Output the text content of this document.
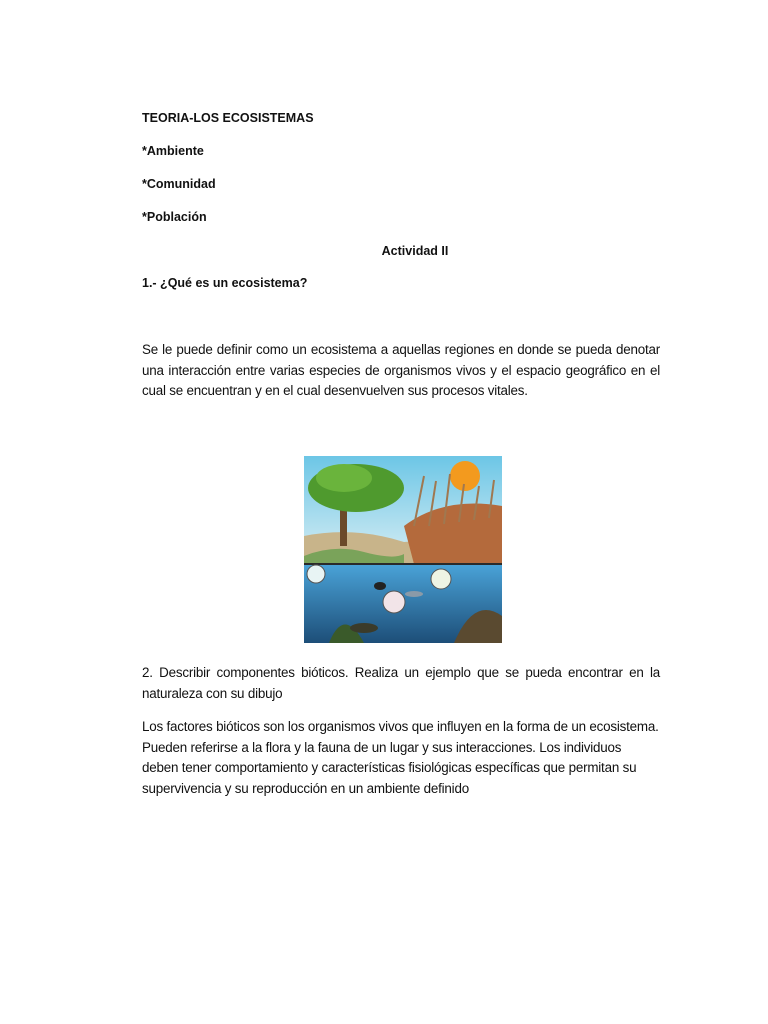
TEORIA-LOS ECOSISTEMAS
*Ambiente
*Comunidad
*Población
Actividad II
1.- ¿Qué es un ecosistema?
Se le puede definir como un ecosistema a aquellas regiones en donde se pueda denotar una interacción entre varias especies de organismos vivos y el espacio geográfico en el cual se encuentran y en el cual desenvuelven sus procesos vitales.
2. Describir componentes bióticos. Realiza un ejemplo que se pueda encontrar en la naturaleza con su dibujo
Los factores bióticos son los organismos vivos que influyen en la forma de un ecosistema. Pueden referirse a la flora y la fauna de un lugar y sus interacciones. Los individuos deben tener comportamiento y características fisiológicas específicas que permitan su supervivencia y su reproducción en un ambiente definido
